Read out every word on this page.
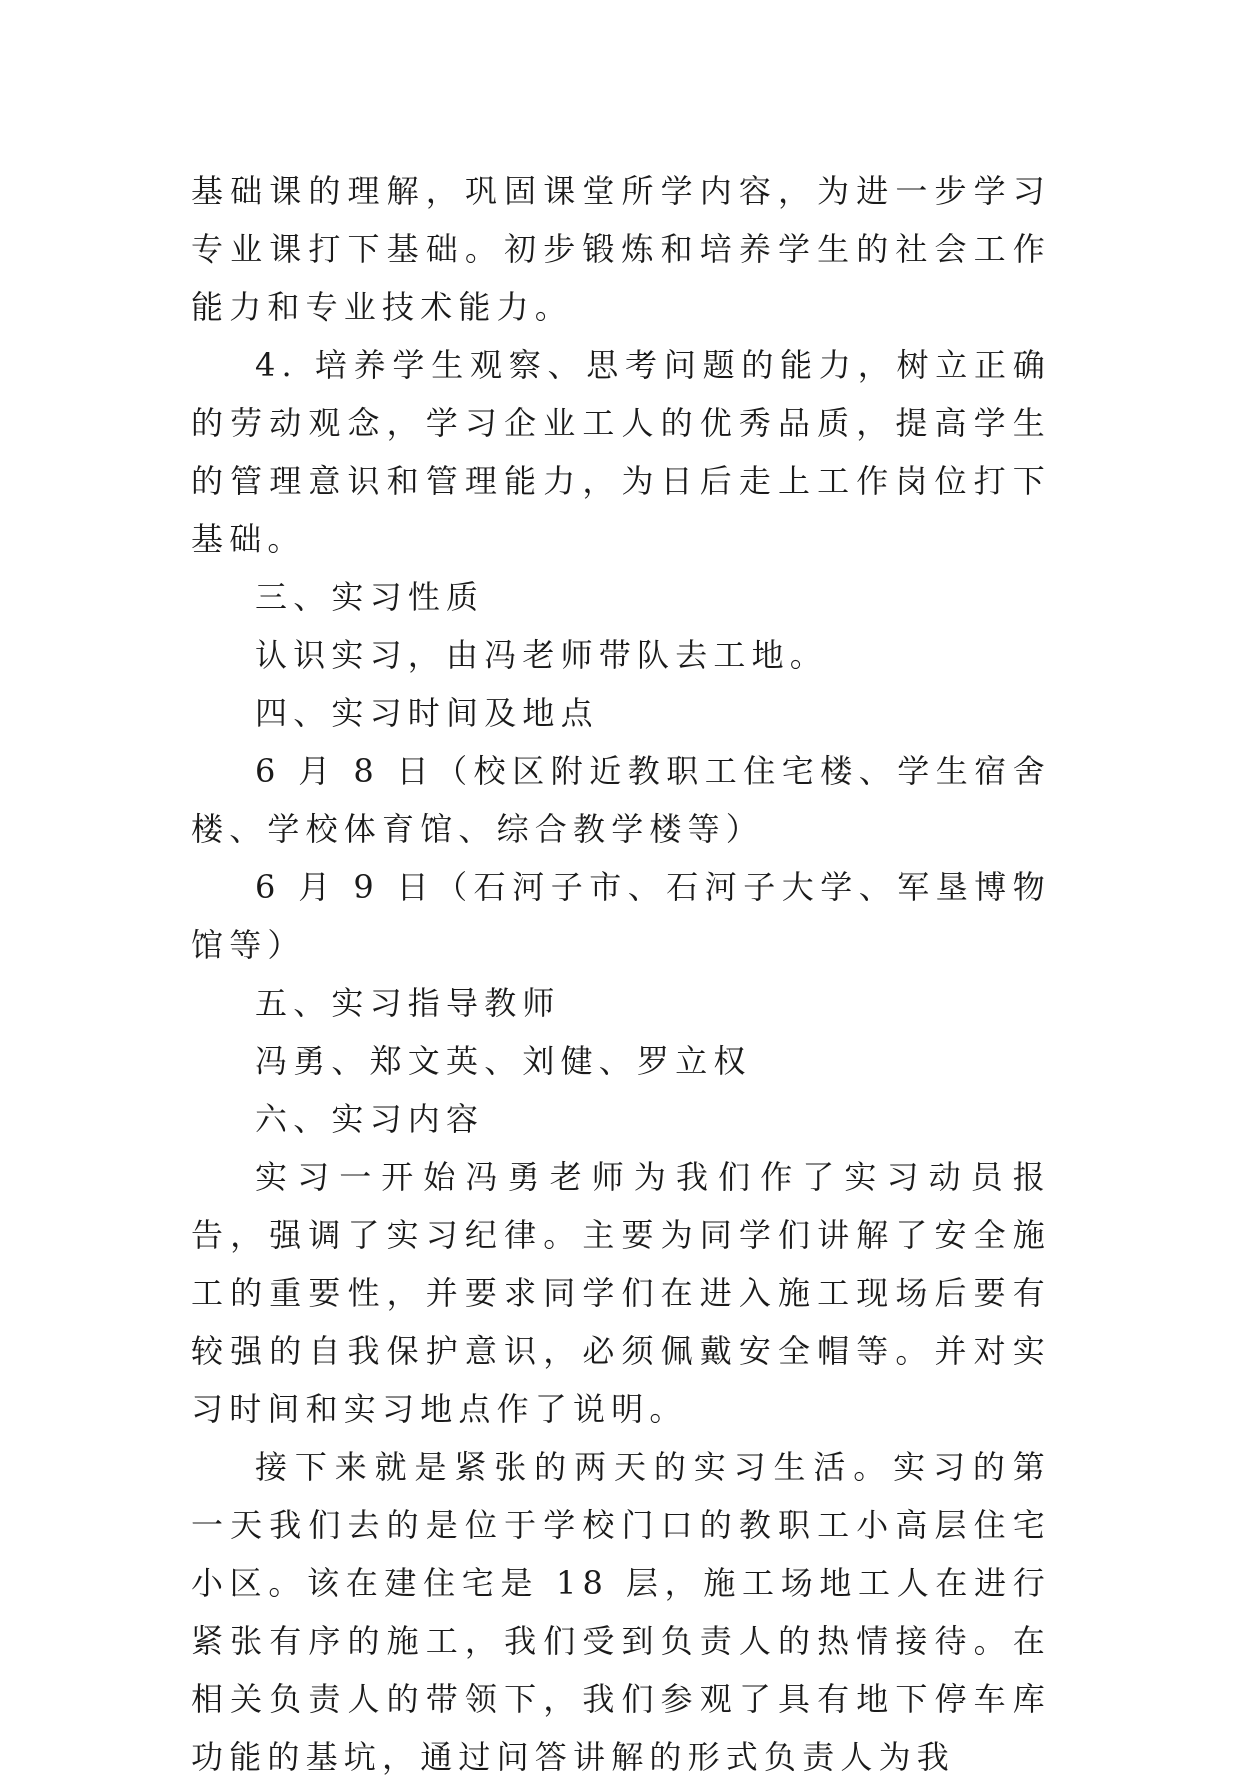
基础课的理解，巩固课堂所学内容，为进一步学习专业课打下基础。初步锻炼和培养学生的社会工作能力和专业技术能力。

4. 培养学生观察、思考问题的能力，树立正确的劳动观念，学习企业工人的优秀品质，提高学生的管理意识和管理能力，为日后走上工作岗位打下基础。

三、实习性质

认识实习，由冯老师带队去工地。

四、实习时间及地点

6 月 8 日（校区附近教职工住宅楼、学生宿舍楼、学校体育馆、综合教学楼等）

6 月 9 日（石河子市、石河子大学、军垦博物馆等）

五、实习指导教师

冯勇、郑文英、刘健、罗立权

六、实习内容

实习一开始冯勇老师为我们作了实习动员报告，强调了实习纪律。主要为同学们讲解了安全施工的重要性，并要求同学们在进入施工现场后要有较强的自我保护意识，必须佩戴安全帽等。并对实习时间和实习地点作了说明。

接下来就是紧张的两天的实习生活。实习的第一天我们去的是位于学校门口的教职工小高层住宅小区。该在建住宅是 18 层，施工场地工人在进行紧张有序的施工，我们受到负责人的热情接待。在相关负责人的带领下，我们参观了具有地下停车库功能的基坑，通过问答讲解的形式负责人为我
